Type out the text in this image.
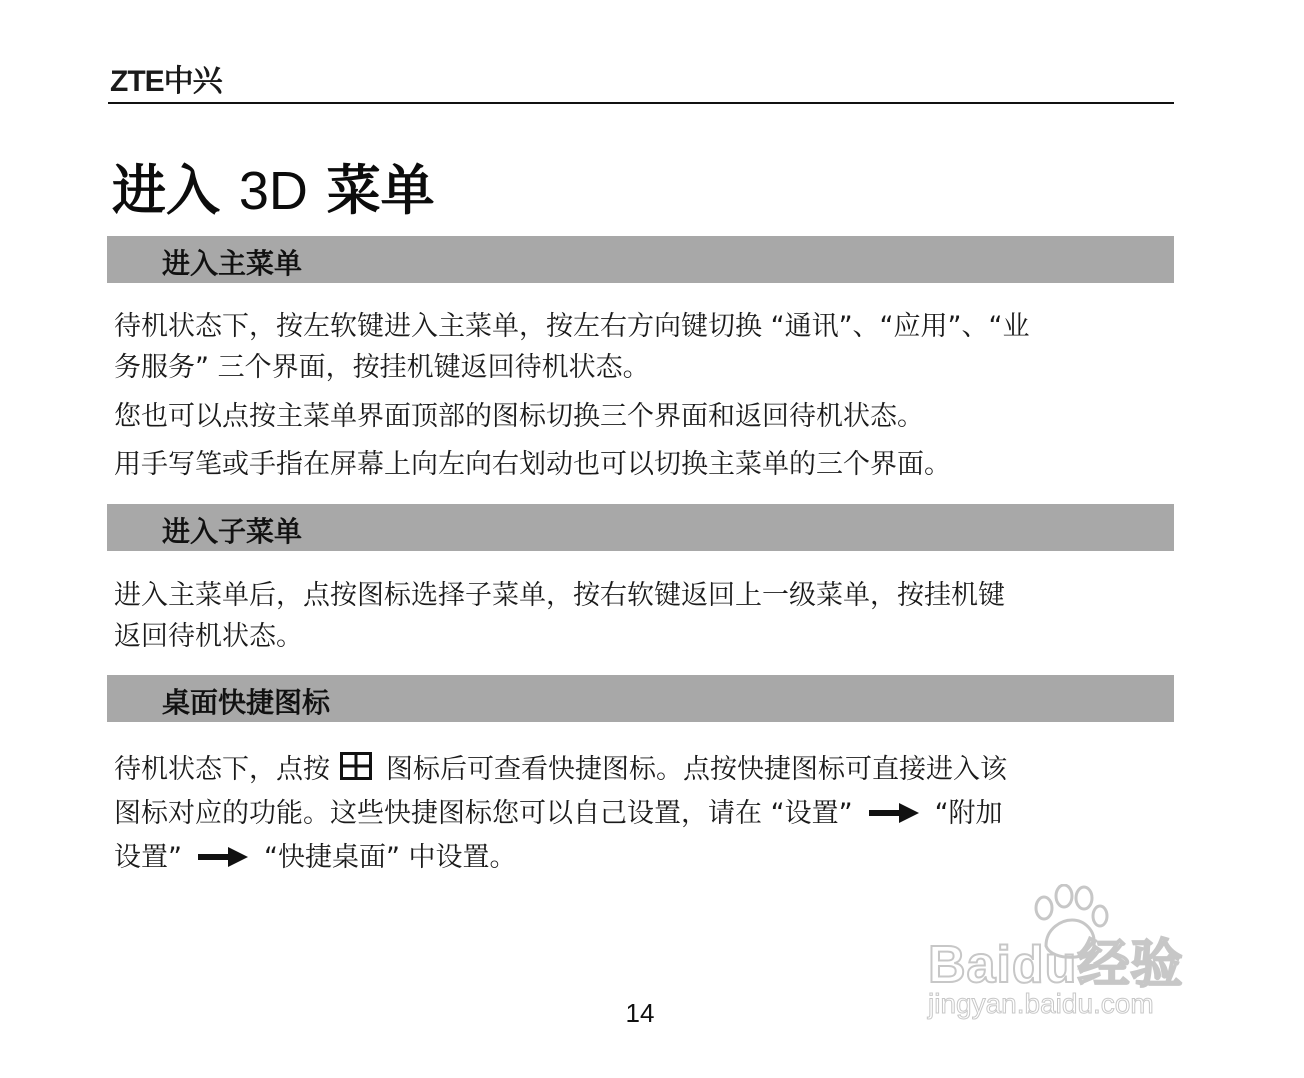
ZTE中兴
进入 3D 菜单
进入主菜单

待机状态下，按左软键进入主菜单，按左右方向键切换 “通讯”、“应用”、“业
务服务” 三个界面，按挂机键返回待机状态。

您也可以点按主菜单界面顶部的图标切换三个界面和返回待机状态。

用手写笔或手指在屏幕上向左向右划动也可以切换主菜单的三个界面。

进入子菜单

进入主菜单后，点按图标选择子菜单，按右软键返回上一级菜单，按挂机键
返回待机状态。

桌面快捷图标

待机状态下，点按 图标后可查看快捷图标。点按快捷图标可直接进入该
图标对应的功能。这些快捷图标您可以自己设置，请在 “设置”	“附加
设置”	“快捷桌面” 中设置。

14
Baidu经验
jingyan.baidu.com
